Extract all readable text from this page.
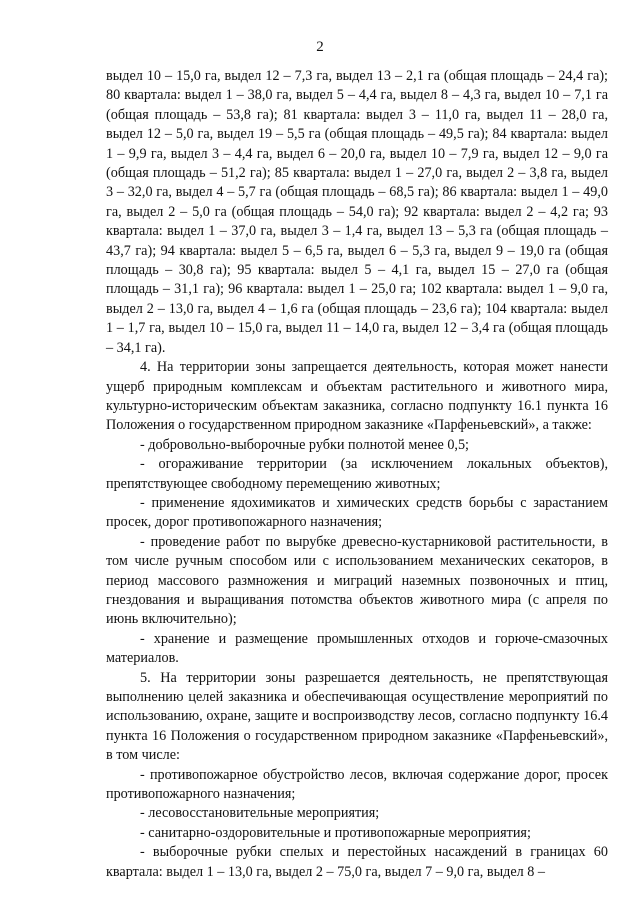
2

выдел 10 – 15,0 га, выдел 12 – 7,3 га, выдел 13 – 2,1 га (общая площадь – 24,4 га); 80 квартала: выдел 1 – 38,0 га, выдел 5 – 4,4 га, выдел 8 – 4,3 га, выдел 10 – 7,1 га (общая площадь – 53,8 га); 81 квартала: выдел 3 – 11,0 га, выдел 11 – 28,0 га, выдел 12 – 5,0 га, выдел 19 – 5,5 га (общая площадь – 49,5 га); 84 квартала: выдел 1 – 9,9 га, выдел 3 – 4,4 га, выдел 6 – 20,0 га, выдел 10 – 7,9 га, выдел 12 – 9,0 га (общая площадь – 51,2 га); 85 квартала: выдел 1 – 27,0 га, выдел 2 – 3,8 га, выдел 3 – 32,0 га, выдел 4 – 5,7 га (общая площадь – 68,5 га); 86 квартала: выдел 1 – 49,0 га, выдел 2 – 5,0 га (общая площадь – 54,0 га); 92 квартала: выдел 2 – 4,2 га; 93 квартала: выдел 1 – 37,0 га, выдел 3 – 1,4 га, выдел 13 – 5,3 га (общая площадь – 43,7 га); 94 квартала: выдел 5 – 6,5 га, выдел 6 – 5,3 га, выдел 9 – 19,0 га (общая площадь – 30,8 га); 95 квартала: выдел 5 – 4,1 га, выдел 15 – 27,0 га (общая площадь – 31,1 га); 96 квартала: выдел 1 – 25,0 га; 102 квартала: выдел 1 – 9,0 га, выдел 2 – 13,0 га, выдел 4 – 1,6 га (общая площадь – 23,6 га); 104 квартала: выдел 1 – 1,7 га, выдел 10 – 15,0 га, выдел 11 – 14,0 га, выдел 12 – 3,4 га (общая площадь – 34,1 га).

4. На территории зоны запрещается деятельность, которая может нанести ущерб природным комплексам и объектам растительного и животного мира, культурно-историческим объектам заказника, согласно подпункту 16.1 пункта 16 Положения о государственном природном заказнике «Парфеньевский», а также:

- добровольно-выборочные рубки полнотой менее 0,5;

- огораживание территории (за исключением локальных объектов), препятствующее свободному перемещению животных;

- применение ядохимикатов и химических средств борьбы с зарастанием просек, дорог противопожарного назначения;

- проведение работ по вырубке древесно-кустарниковой растительности, в том числе ручным способом или с использованием механических секаторов, в период массового размножения и миграций наземных позвоночных и птиц, гнездования и выращивания потомства объектов животного мира (с апреля по июнь включительно);

- хранение и размещение промышленных отходов и горюче-смазочных материалов.

5. На территории зоны разрешается деятельность, не препятствующая выполнению целей заказника и обеспечивающая осуществление мероприятий по использованию, охране, защите и воспроизводству лесов, согласно подпункту 16.4 пункта 16 Положения о государственном природном заказнике «Парфеньевский», в том числе:

- противопожарное обустройство лесов, включая содержание дорог, просек противопожарного назначения;

- лесовосстановительные мероприятия;

- санитарно-оздоровительные и противопожарные мероприятия;

- выборочные рубки спелых и перестойных насаждений в границах 60 квартала: выдел 1 – 13,0 га, выдел 2 – 75,0 га, выдел 7 – 9,0 га, выдел 8 –
